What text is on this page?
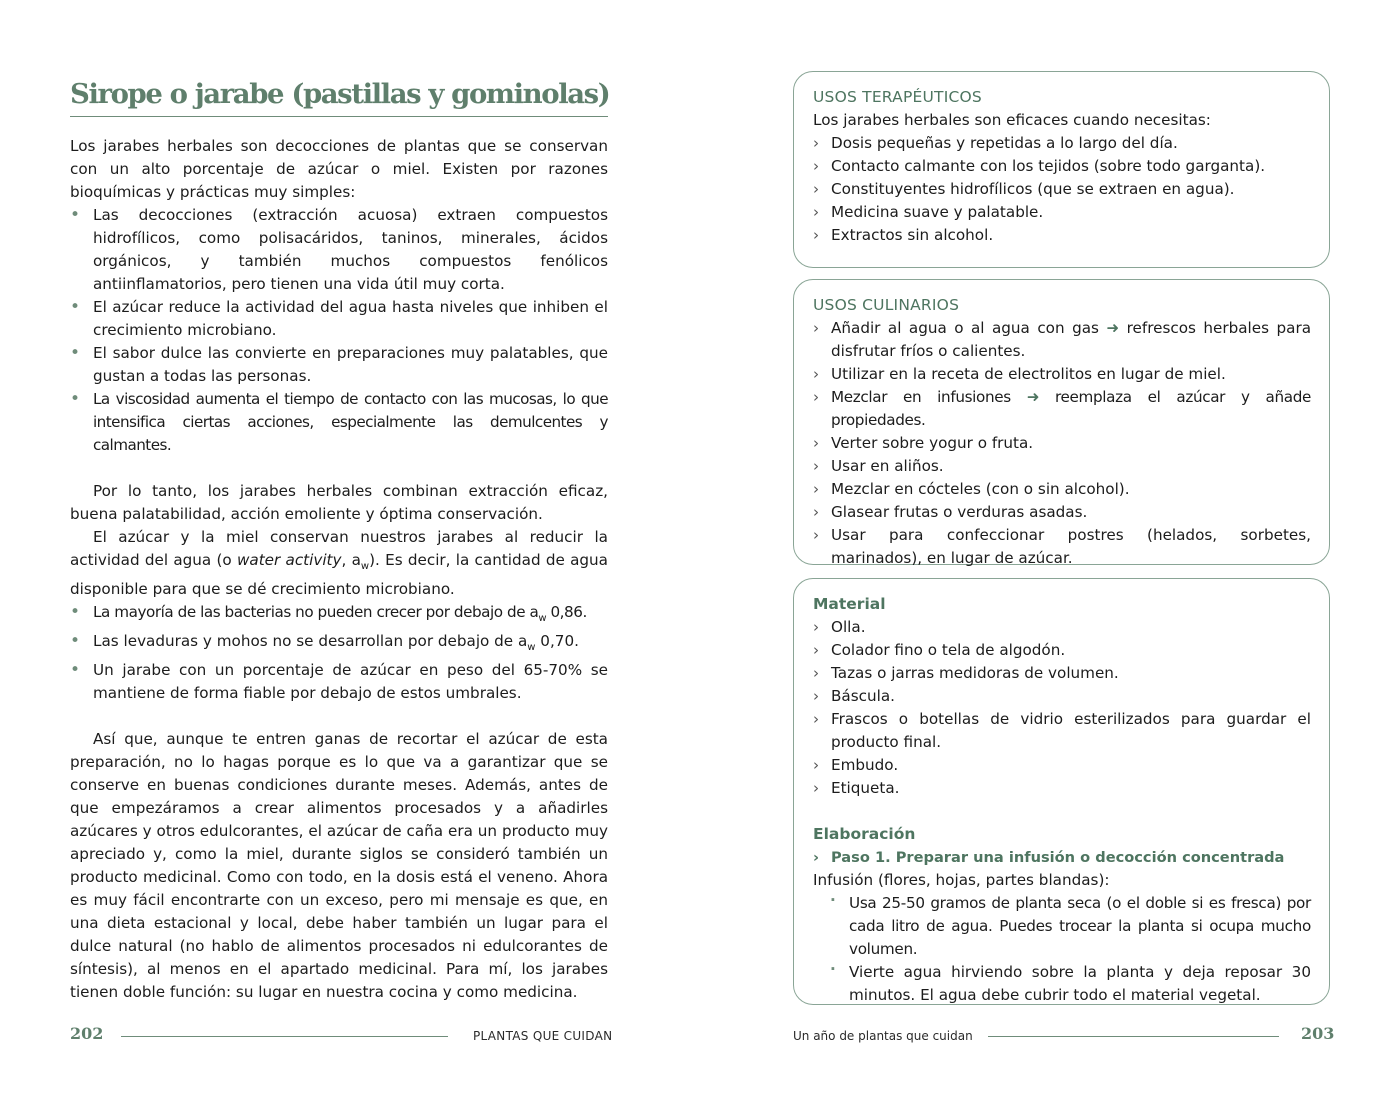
Sirope o jarabe (pastillas y gominolas)

Los jarabes herbales son decocciones de plantas que se conservan con un alto porcentaje de azúcar o miel. Existen por razones bioquímicas y prácticas muy simples:

• Las decocciones (extracción acuosa) extraen compuestos hidrofílicos, como polisacáridos, taninos, minerales, ácidos orgánicos, y también muchos compuestos fenólicos antiinflamatorios, pero tienen una vida útil muy corta.
• El azúcar reduce la actividad del agua hasta niveles que inhiben el crecimiento microbiano.
• El sabor dulce las convierte en preparaciones muy palatables, que gustan a todas las personas.
• La viscosidad aumenta el tiempo de contacto con las mucosas, lo que intensifica ciertas acciones, especialmente las demulcentes y calmantes.

Por lo tanto, los jarabes herbales combinan extracción eficaz, buena palatabilidad, acción emoliente y óptima conservación.

El azúcar y la miel conservan nuestros jarabes al reducir la actividad del agua (o water activity, $a_w$). Es decir, la cantidad de agua disponible para que se dé crecimiento microbiano.

• La mayoría de las bacterias no pueden crecer por debajo de $a_w$ 0,86.
• Las levaduras y mohos no se desarrollan por debajo de $a_w$ 0,70.
• Un jarabe con un porcentaje de azúcar en peso del 65-70% se mantiene de forma fiable por debajo de estos umbrales.

Así que, aunque te entren ganas de recortar el azúcar de esta preparación, no lo hagas porque es lo que va a garantizar que se conserve en buenas condiciones durante meses. Además, antes de que empezáramos a crear alimentos procesados y a añadirles azúcares y otros edulcorantes, el azúcar de caña era un producto muy apreciado y, como la miel, durante siglos se consideró también un producto medicinal. Como con todo, en la dosis está el veneno. Ahora es muy fácil encontrarte con un exceso, pero mi mensaje es que, en una dieta estacional y local, debe haber también un lugar para el dulce natural (no hablo de alimentos procesados ni edulcorantes de síntesis), al menos en el apartado medicinal. Para mí, los jarabes tienen doble función: su lugar en nuestra cocina y como medicina.

202	PLANTAS QUE CUIDAN
USOS TERAPÉUTICOS
Los jarabes herbales son eficaces cuando necesitas:
› Dosis pequeñas y repetidas a lo largo del día.
› Contacto calmante con los tejidos (sobre todo garganta).
› Constituyentes hidrofílicos (que se extraen en agua).
› Medicina suave y palatable.
› Extractos sin alcohol.
USOS CULINARIOS
› Añadir al agua o al agua con gas ➜ refrescos herbales para disfrutar fríos o calientes.
› Utilizar en la receta de electrolitos en lugar de miel.
› Mezclar en infusiones ➜ reemplaza el azúcar y añade propiedades.
› Verter sobre yogur o fruta.
› Usar en aliños.
› Mezclar en cócteles (con o sin alcohol).
› Glasear frutas o verduras asadas.
› Usar para confeccionar postres (helados, sorbetes, marinados), en lugar de azúcar.
Material
› Olla.
› Colador fino o tela de algodón.
› Tazas o jarras medidoras de volumen.
› Báscula.
› Frascos o botellas de vidrio esterilizados para guardar el producto final.
› Embudo.
› Etiqueta.
Elaboración
› Paso 1. Preparar una infusión o decocción concentrada
Infusión (flores, hojas, partes blandas):
· Usa 25-50 gramos de planta seca (o el doble si es fresca) por cada litro de agua. Puedes trocear la planta si ocupa mucho volumen.
· Vierte agua hirviendo sobre la planta y deja reposar 30 minutos. El agua debe cubrir todo el material vegetal.
Un año de plantas que cuidan	203
